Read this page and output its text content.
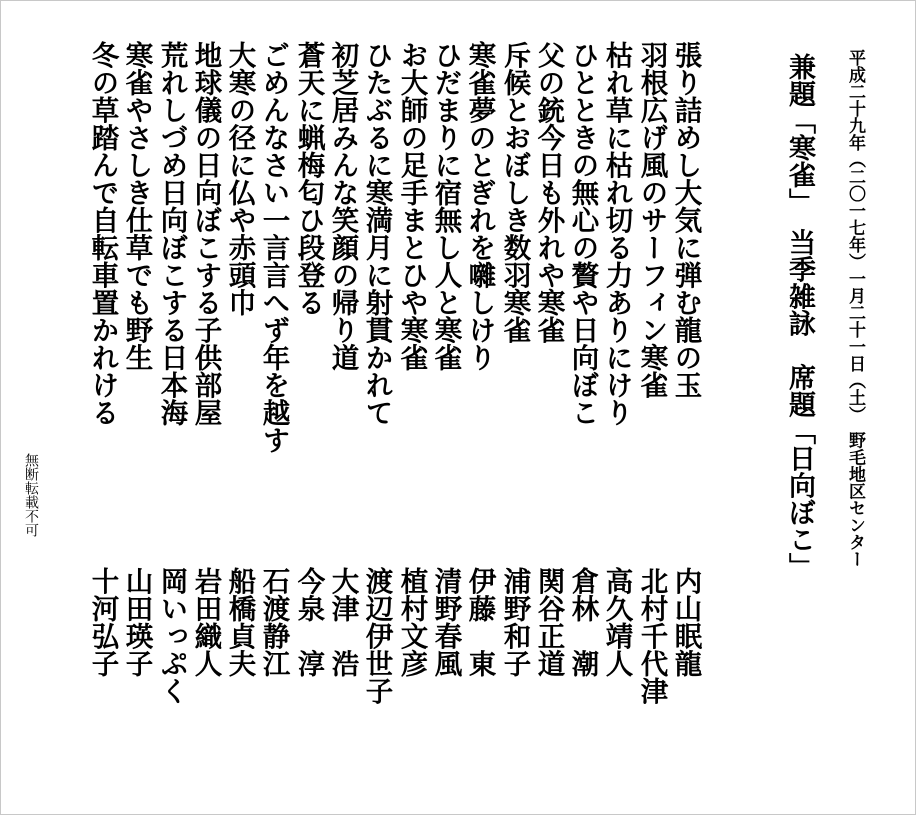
平成二十九年（二〇一七年）一月二十一日（土）　野毛地区センター
兼題「寒雀」　当季雑詠　席題「日向ぼこ」
張り詰めし大気に弾む龍の玉
内山眠龍
羽根広げ風のサーフィン寒雀
北村千代津
枯れ草に枯れ切る力ありにけり
高久靖人
ひとときの無心の贅や日向ぼこ
倉林　潮
父の銃今日も外れや寒雀
関谷正道
斥候とおぼしき数羽寒雀
浦野和子
寒雀夢のとぎれを囃しけり
伊藤　東
ひだまりに宿無し人と寒雀
清野春風
お大師の足手まとひや寒雀
植村文彦
ひたぶるに寒満月に射貫かれて
渡辺伊世子
初芝居みんな笑顔の帰り道
大津　浩
蒼天に蝋梅匂ひ段登る
今泉　淳
ごめんなさい一言言へず年を越す
石渡静江
大寒の径に仏や赤頭巾
船橋貞夫
地球儀の日向ぼこする子供部屋
岩田織人
荒れしづめ日向ぼこする日本海
岡いっぷく
寒雀やさしき仕草でも野生
山田瑛子
冬の草踏んで自転車置かれける
十河弘子
無断転載不可
